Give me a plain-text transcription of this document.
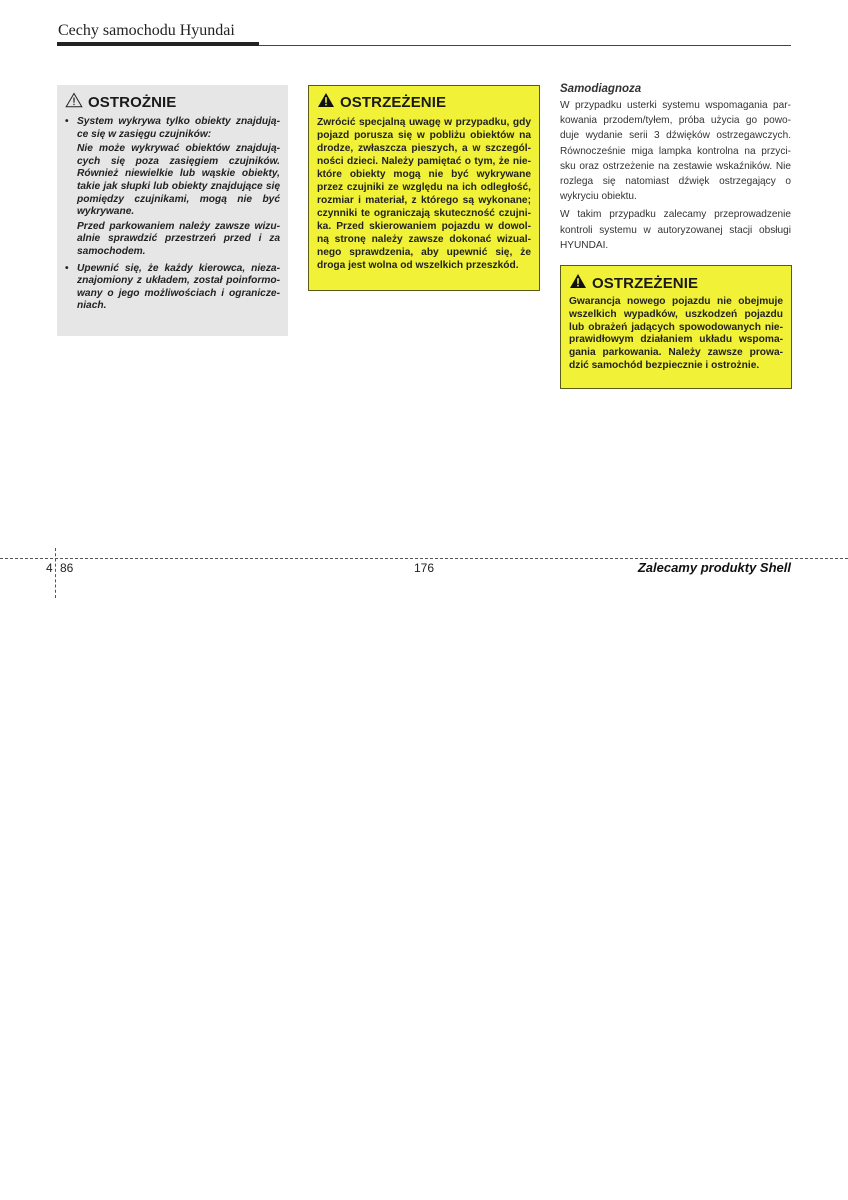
Cechy samochodu Hyundai
OSTROŻNIE

• System wykrywa tylko obiekty znajdują-ce się w zasięgu czujników:

Nie może wykrywać obiektów znajdują-cych się poza zasięgiem czujników. Również niewielkie lub wąskie obiekty, takie jak słupki lub obiekty znajdujące się pomiędzy czujnikami, mogą nie być wykrywane.

Przed parkowaniem należy zawsze wizu-alnie sprawdzić przestrzeń przed i za samochodem.

• Upewnić się, że każdy kierowca, nieza-znajomiony z układem, został poinformo-wany o jego możliwościach i ogranicze-niach.

OSTRZEŻENIE

Zwrócić specjalną uwagę w przypadku, gdy pojazd porusza się w pobliżu obiektów na drodze, zwłaszcza pieszych, a w szczegól-ności dzieci. Należy pamiętać o tym, że nie-które obiekty mogą nie być wykrywane przez czujniki ze względu na ich odległość, rozmiar i materiał, z którego są wykonane; czynniki te ograniczają skuteczność czujni-ka. Przed skierowaniem pojazdu w dowol-ną stronę należy zawsze dokonać wizual-nego sprawdzenia, aby upewnić się, że droga jest wolna od wszelkich przeszkód.

Samodiagnoza

W przypadku usterki systemu wspomagania par-kowania przodem/tyłem, próba użycia go powo-duje wydanie serii 3 dźwięków ostrzegawczych. Równocześnie miga lampka kontrolna na przyci-sku oraz ostrzeżenie na zestawie wskaźników. Nie rozlega się natomiast dźwięk ostrzegający o wykryciu obiektu.

W takim przypadku zalecamy przeprowadzenie kontroli systemu w autoryzowanej stacji obsługi HYUNDAI.

OSTRZEŻENIE

Gwarancja nowego pojazdu nie obejmuje wszelkich wypadków, uszkodzeń pojazdu lub obrażeń jadących spowodowanych nie-prawidłowym działaniem układu wspoma-gania parkowania. Należy zawsze prowa-dzić samochód bezpiecznie i ostrożnie.

4 86	176	Zalecamy produkty Shell
